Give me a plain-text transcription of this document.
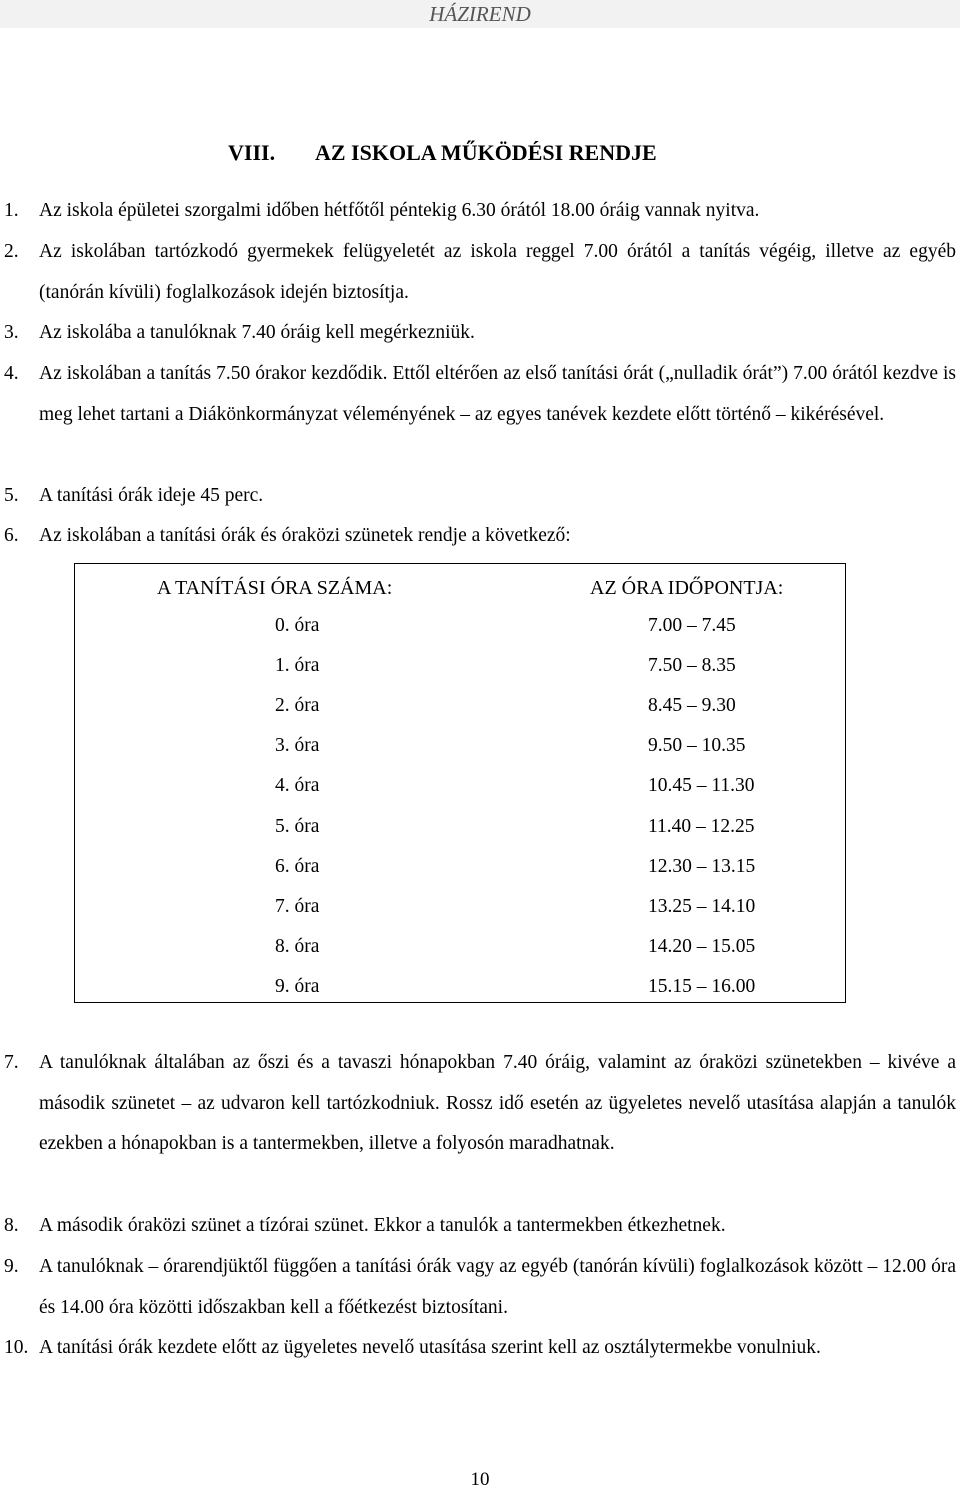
HÁZIREND
VIII. AZ ISKOLA MŰKÖDÉSI RENDJE
1. Az iskola épületei szorgalmi időben hétfőtől péntekig 6.30 órától 18.00 óráig vannak nyitva.
2. Az iskolában tartózkodó gyermekek felügyeletét az iskola reggel 7.00 órától a tanítás végéig, illetve az egyéb (tanórán kívüli) foglalkozások idején biztosítja.
3. Az iskolába a tanulóknak 7.40 óráig kell megérkezniük.
4. Az iskolában a tanítás 7.50 órakor kezdődik. Ettől eltérően az első tanítási órát („nulladik órát”) 7.00 órától kezdve is meg lehet tartani a Diákönkormányzat véleményének – az egyes tanévek kezdete előtt történő – kikérésével.
5. A tanítási órák ideje 45 perc.
6. Az iskolában a tanítási órák és óraközi szünetek rendje a következő:
A TANÍTÁSI ÓRA SZÁMA:	AZ ÓRA IDŐPONTJA:
0. óra	7.00 – 7.45
1. óra	7.50 – 8.35
2. óra	8.45 – 9.30
3. óra	9.50 – 10.35
4. óra	10.45 – 11.30
5. óra	11.40 – 12.25
6. óra	12.30 – 13.15
7. óra	13.25 – 14.10
8. óra	14.20 – 15.05
9. óra	15.15 – 16.00
7. A tanulóknak általában az őszi és a tavaszi hónapokban 7.40 óráig, valamint az óraközi szünetekben – kivéve a második szünetet – az udvaron kell tartózkodniuk. Rossz idő esetén az ügyeletes nevelő utasítása alapján a tanulók ezekben a hónapokban is a tantermekben, illetve a folyosón maradhatnak.
8. A második óraközi szünet a tízórai szünet. Ekkor a tanulók a tantermekben étkezhetnek.
9. A tanulóknak – órarendjüktől függően a tanítási órák vagy az egyéb (tanórán kívüli) foglalkozások között – 12.00 óra és 14.00 óra közötti időszakban kell a főétkezést biztosítani.
10. A tanítási órák kezdete előtt az ügyeletes nevelő utasítása szerint kell az osztálytermekbe vonulniuk.
10
